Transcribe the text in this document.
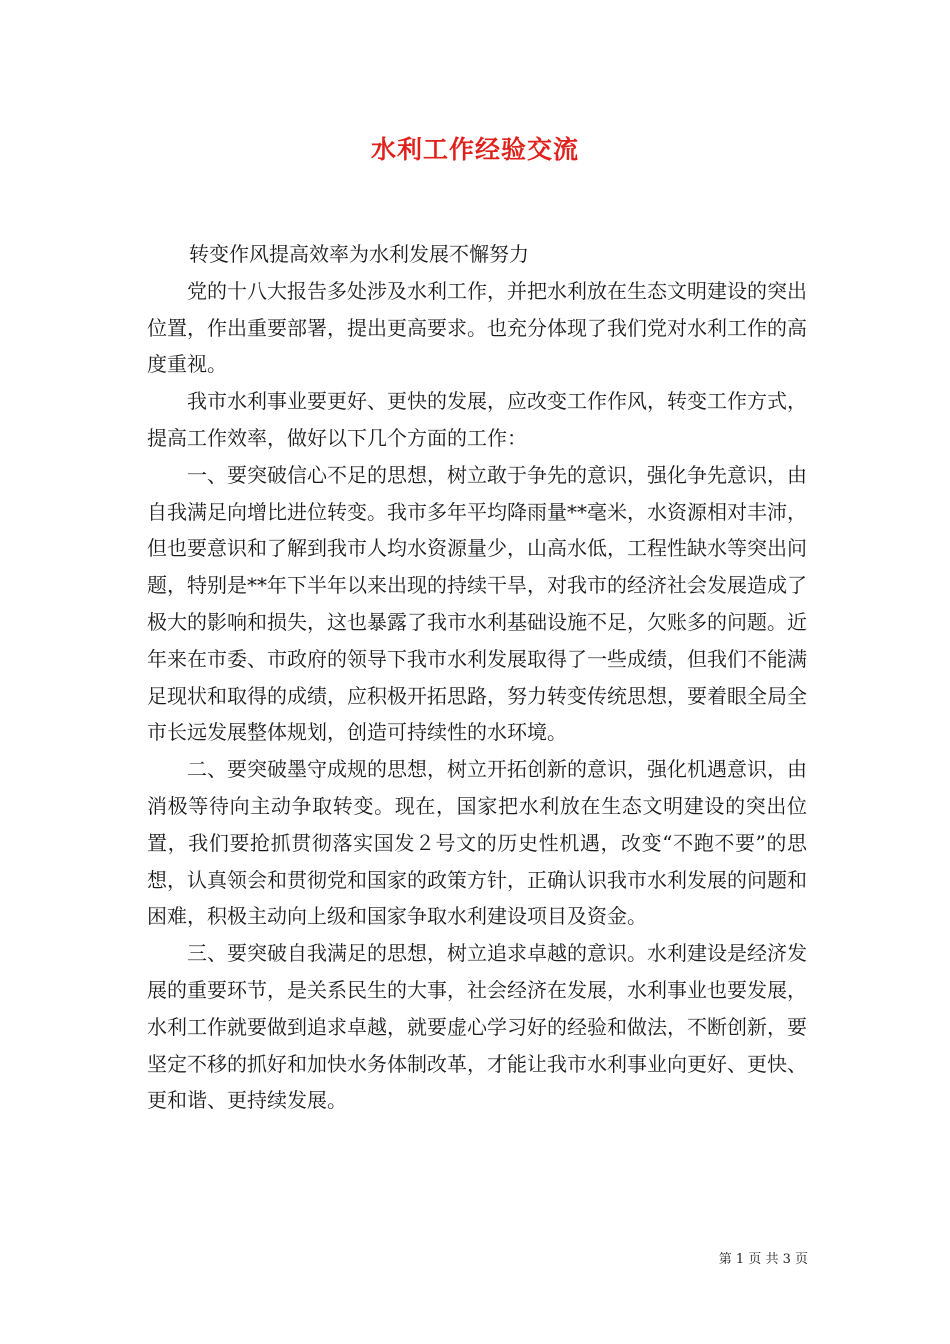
水利工作经验交流

转变作风提高效率为水利发展不懈努力

党的十八大报告多处涉及水利工作，并把水利放在生态文明建设的突出位置，作出重要部署，提出更高要求。也充分体现了我们党对水利工作的高度重视。

我市水利事业要更好、更快的发展，应改变工作作风，转变工作方式，提高工作效率，做好以下几个方面的工作：

一、要突破信心不足的思想，树立敢于争先的意识，强化争先意识，由自我满足向增比进位转变。我市多年平均降雨量**毫米，水资源相对丰沛，但也要意识和了解到我市人均水资源量少，山高水低，工程性缺水等突出问题，特别是**年下半年以来出现的持续干旱，对我市的经济社会发展造成了极大的影响和损失，这也暴露了我市水利基础设施不足，欠账多的问题。近年来在市委、市政府的领导下我市水利发展取得了一些成绩，但我们不能满足现状和取得的成绩，应积极开拓思路，努力转变传统思想，要着眼全局全市长远发展整体规划，创造可持续性的水环境。

二、要突破墨守成规的思想，树立开拓创新的意识，强化机遇意识，由消极等待向主动争取转变。现在，国家把水利放在生态文明建设的突出位置，我们要抢抓贯彻落实国发２号文的历史性机遇，改变“不跑不要”的思想，认真领会和贯彻党和国家的政策方针，正确认识我市水利发展的问题和困难，积极主动向上级和国家争取水利建设项目及资金。

三、要突破自我满足的思想，树立追求卓越的意识。水利建设是经济发展的重要环节，是关系民生的大事，社会经济在发展，水利事业也要发展，水利工作就要做到追求卓越，就要虚心学习好的经验和做法，不断创新，要坚定不移的抓好和加快水务体制改革，才能让我市水利事业向更好、更快、更和谐、更持续发展。

第 1 页 共 3 页
